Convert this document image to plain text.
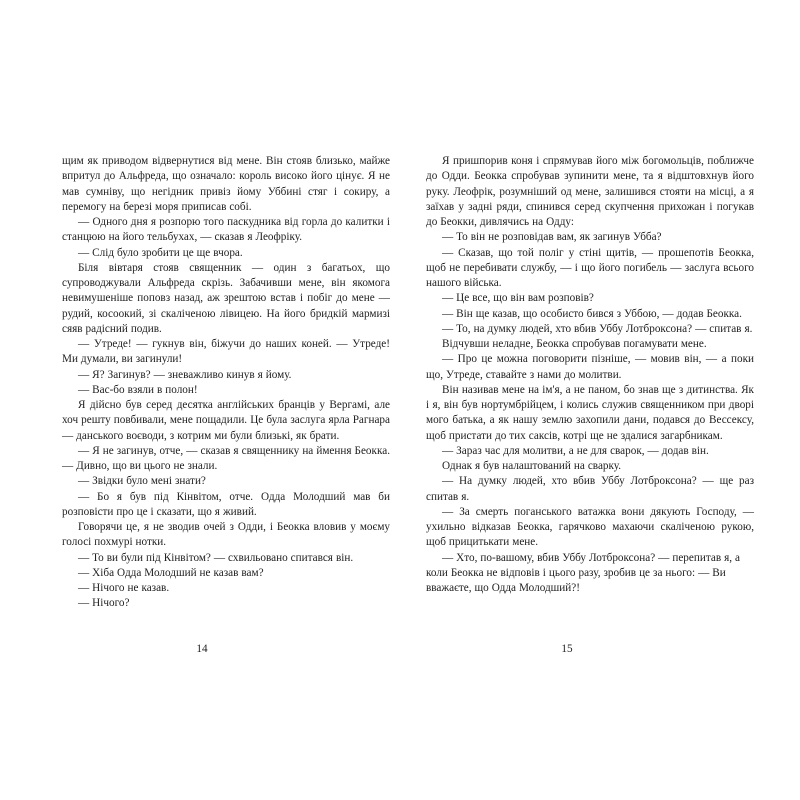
щим як приводом відвернутися від мене. Він стояв близько, майже впритул до Альфреда, що означало: король високо його цінує. Я не мав сумніву, що негідник привіз йому Уббині стяг і сокиру, а перемогу на березі моря приписав собі.

— Одного дня я розпорю того паскудника від горла до калитки і станцюю на його тельбухах, — сказав я Леофріку.

— Слід було зробити це ще вчора.

Біля вівтаря стояв священник — один з багатьох, що супроводжували Альфреда скрізь. Забачивши мене, він якомога невимушеніше поповз назад, аж зрештою встав і побіг до мене — рудий, косоокий, зі скаліченою лівицею. На його бридкій мармизі сяяв радісний подив.

— Утреде! — гукнув він, біжучи до наших коней. — Утреде! Ми думали, ви загинули!

— Я? Загинув? — зневажливо кинув я йому.

— Вас-бо взяли в полон!

Я дійсно був серед десятка англійських бранців у Вергамі, але хоч решту повбивали, мене пощадили. Це була заслуга ярла Рагнара — данського воєводи, з котрим ми були близькі, як брати.

— Я не загинув, отче, — сказав я священнику на ймення Беокка. — Дивно, що ви цього не знали.

— Звідки було мені знати?

— Бо я був під Кінвітом, отче. Одда Молодший мав би розповісти про це і сказати, що я живий.

Говорячи це, я не зводив очей з Одди, і Беокка вловив у моєму голосі похмурі нотки.

— То ви були під Кінвітом? — схвильовано спитався він.

— Хіба Одда Молодший не казав вам?

— Нічого не казав.

— Нічого?

14

Я пришпорив коня і спрямував його між богомольців, поближче до Одди. Беокка спробував зупинити мене, та я відштовхнув його руку. Леофрік, розумніший од мене, залишився стояти на місці, а я заїхав у задні ряди, спинився серед скупчення прихожан і погукав до Беокки, дивлячись на Одду:

— То він не розповідав вам, як загинув Убба?

— Сказав, що той поліг у стіні щитів, — прошепотів Беокка, щоб не перебивати службу, — і що його погибель — заслуга всього нашого війська.

— Це все, що він вам розповів?

— Він ще казав, що особисто бився з Уббою, — додав Беокка.

— То, на думку людей, хто вбив Уббу Лотброксона? — спитав я.

Відчувши неладне, Беокка спробував погамувати мене.

— Про це можна поговорити пізніше, — мовив він, — а поки що, Утреде, ставайте з нами до молитви.

Він називав мене на ім'я, а не паном, бо знав ще з дитинства. Як і я, він був нортумбрійцем, і колись служив священником при дворі мого батька, а як нашу землю захопили дани, подався до Вессексу, щоб пристати до тих саксів, котрі ще не здалися загарбникам.

— Зараз час для молитви, а не для сварок, — додав він.

Однак я був налаштований на сварку.

— На думку людей, хто вбив Уббу Лотброксона? — ще раз спитав я.

— За смерть поганського ватажка вони дякують Господу, — ухильно відказав Беокка, гарячково махаючи скаліченою рукою, щоб прицитькати мене.

— Хто, по-вашому, вбив Уббу Лотброксона? — перепитав я, а коли Беокка не відповів і цього разу, зробив це за нього: — Ви вважаєте, що Одда Молодший?!

15
